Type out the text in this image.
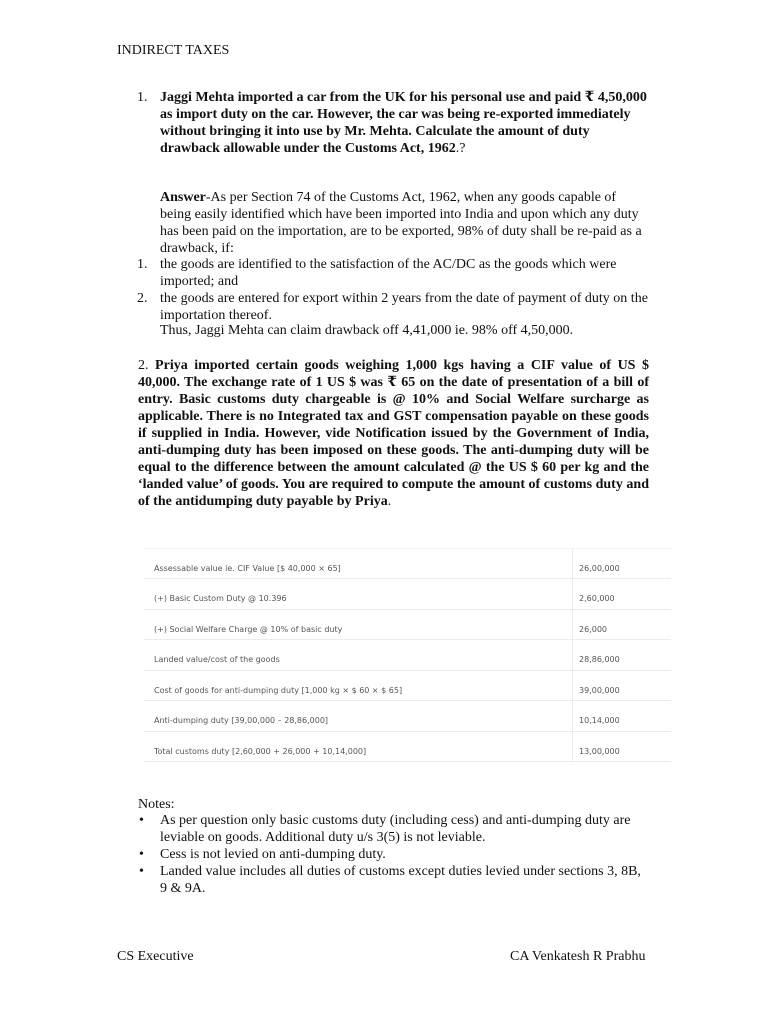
INDIRECT TAXES
1. Jaggi Mehta imported a car from the UK for his personal use and paid ₹ 4,50,000 as import duty on the car. However, the car was being re-exported immediately without bringing it into use by Mr. Mehta. Calculate the amount of duty drawback allowable under the Customs Act, 1962.?
Answer-As per Section 74 of the Customs Act, 1962, when any goods capable of being easily identified which have been imported into India and upon which any duty has been paid on the importation, are to be exported, 98% of duty shall be re-paid as a drawback, if:
1. the goods are identified to the satisfaction of the AC/DC as the goods which were imported; and
2. the goods are entered for export within 2 years from the date of payment of duty on the importation thereof.
Thus, Jaggi Mehta can claim drawback off 4,41,000 ie. 98% off 4,50,000.
2. Priya imported certain goods weighing 1,000 kgs having a CIF value of US $ 40,000. The exchange rate of 1 US $ was ₹ 65 on the date of presentation of a bill of entry. Basic customs duty chargeable is @ 10% and Social Welfare surcharge as applicable. There is no Integrated tax and GST compensation payable on these goods if supplied in India. However, vide Notification issued by the Government of India, anti-dumping duty has been imposed on these goods. The anti-dumping duty will be equal to the difference between the amount calculated @ the US $ 60 per kg and the ‘landed value’ of goods. You are required to compute the amount of customs duty and of the antidumping duty payable by Priya.
Assessable value ie. CIF Value [$ 40,000 × 65]	26,00,000
(+) Basic Custom Duty @ 10.396	2,60,000
(+) Social Welfare Charge @ 10% of basic duty	26,000
Landed value/cost of the goods	28,86,000
Cost of goods for anti-dumping duty [1,000 kg × $ 60 × $ 65]	39,00,000
Anti-dumping duty [39,00,000 – 28,86,000]	10,14,000
Total customs duty [2,60,000 + 26,000 + 10,14,000]	13,00,000
Notes:
• As per question only basic customs duty (including cess) and anti-dumping duty are leviable on goods. Additional duty u/s 3(5) is not leviable.
• Cess is not levied on anti-dumping duty.
• Landed value includes all duties of customs except duties levied under sections 3, 8B, 9 & 9A.
CS Executive	CA Venkatesh R Prabhu
